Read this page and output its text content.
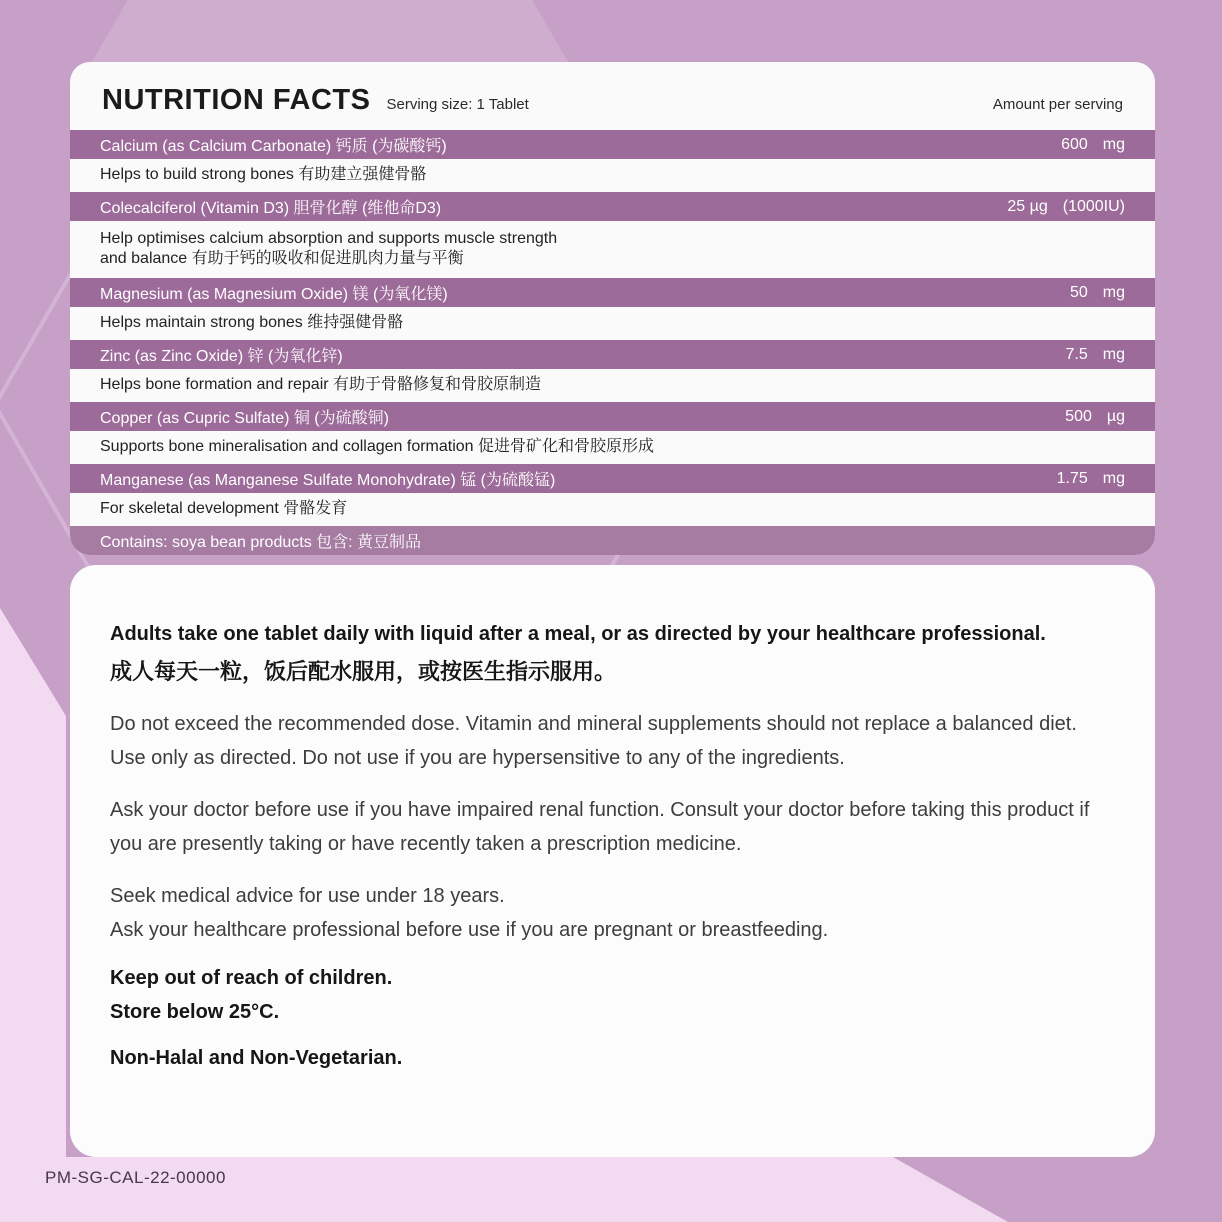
NUTRITION FACTS Serving size: 1 Tablet	Amount per serving
Calcium (as Calcium Carbonate) 钙质 (为碳酸钙)	600 mg
Helps to build strong bones 有助建立强健骨骼
Colecalciferol (Vitamin D3) 胆骨化醇 (维他命D3)	25 µg (1000IU)
Help optimises calcium absorption and supports muscle strength and balance 有助于钙的吸收和促进肌肉力量与平衡
Magnesium (as Magnesium Oxide) 镁 (为氧化镁)	50 mg
Helps maintain strong bones 维持强健骨骼
Zinc (as Zinc Oxide) 锌 (为氧化锌)	7.5 mg
Helps bone formation and repair 有助于骨骼修复和骨胶原制造
Copper (as Cupric Sulfate) 铜 (为硫酸铜)	500 µg
Supports bone mineralisation and collagen formation 促进骨矿化和骨胶原形成
Manganese (as Manganese Sulfate Monohydrate) 锰 (为硫酸锰)	1.75 mg
For skeletal development 骨骼发育
Contains: soya bean products 包含: 黄豆制品

Adults take one tablet daily with liquid after a meal, or as directed by your healthcare professional.

成人每天一粒，饭后配水服用，或按医生指示服用。

Do not exceed the recommended dose. Vitamin and mineral supplements should not replace a balanced diet. Use only as directed. Do not use if you are hypersensitive to any of the ingredients.

Ask your doctor before use if you have impaired renal function. Consult your doctor before taking this product if you are presently taking or have recently taken a prescription medicine.

Seek medical advice for use under 18 years.

Ask your healthcare professional before use if you are pregnant or breastfeeding.

Keep out of reach of children.

Store below 25°C.

Non-Halal and Non-Vegetarian.

PM-SG-CAL-22-00000
